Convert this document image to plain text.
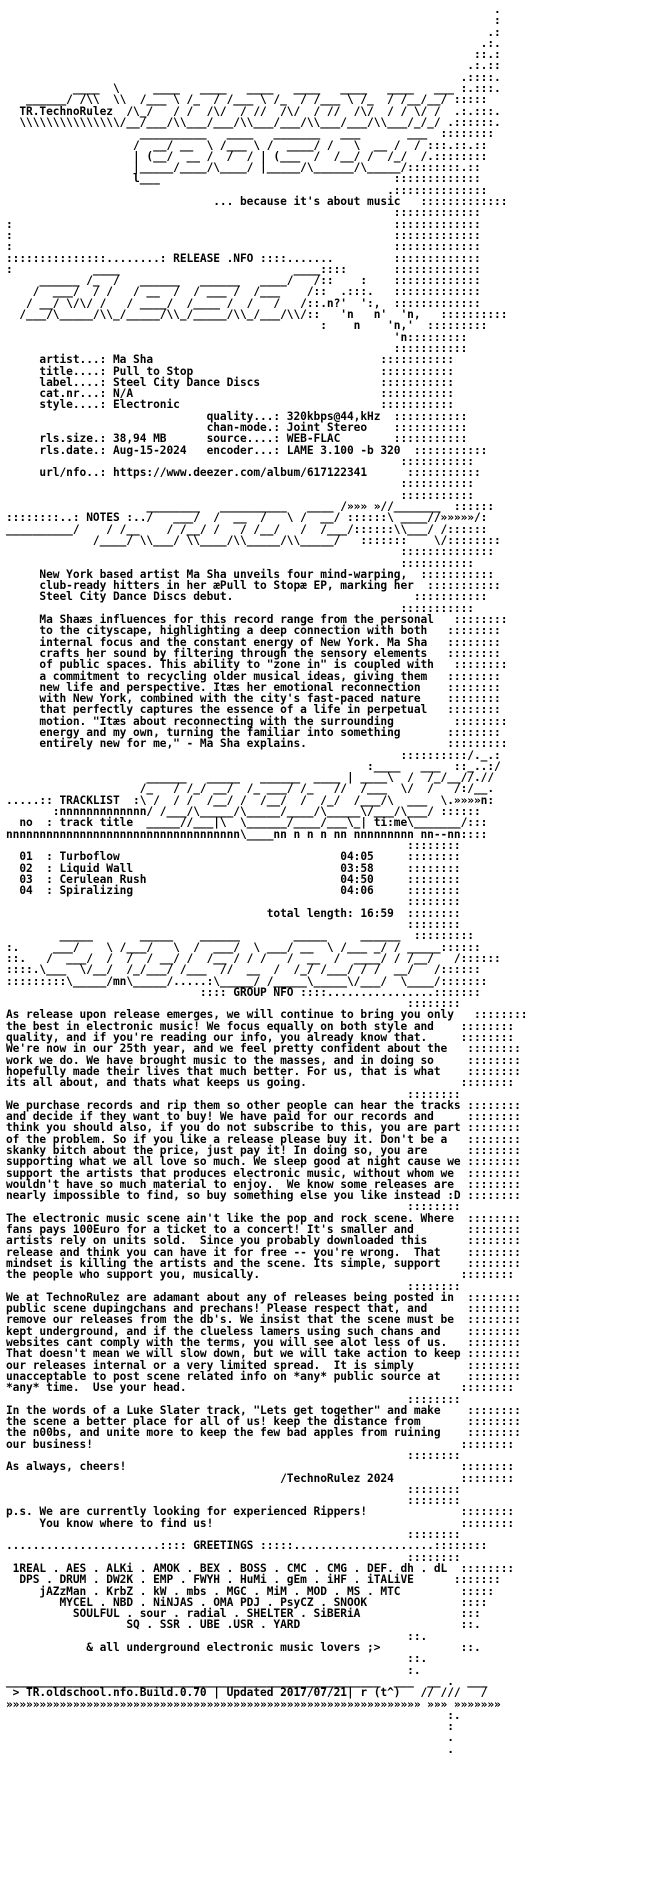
.
:
.:
.:.
::.:
.:.::
.::::.
____  \     ____   ____   ____   ____   ____   ____   ___ :.:::.
______/ /\\  \\  /___ \ /_  / /___ \ /_  / /___ \ /_  / /__/__/ :::::
TR.TechnoRulez  /\_/   / /  /\/  / //  /\/  / //  /\/  / / \/ /  .:.:::.
\\\\\\\\\\\\\\\/__/___/\\___/___/\\___/___/\\___/___/\\___/_/_/ .::::::.
__________   ____   _______   ___       ___  ::::::::
/  __/ __  \ /___ \ /  ____/ /   \  __ /  / :::.::.::
| (__/  __ /  /  / | (___  /  /__/ /  /_/  /.::::::::
|_____/____/\____/ |_____/\______/\_____/::::::::.::
l___                                   :::::::::::::
.::::::::::::::
... because it's about music   :::::::::::::
:::::::::::::
:                                                         :::::::::::::
:                                                         :::::::::::::
:                                                         :::::::::::::
:::::::::::::::........: RELEASE .NFO ::::.......         :::::::::::::
:            ____                          ____::::       :::::::::::::
______ /_  /   ______   ______   ____/   /::    :    :::::::::::::
/  ___/  / /   / __  /  / ___ /  /___    /::  .:::.   :::::::::::::
/ __/ \/\/ /   / ____/  /____ /  /   /   /::.n?'  ':,  :::::::::::::
/___/\_____/\\_/_____/\\_/_____/\\_/___/\\/::   'n   n'  'n,   ::::::::::
:    n    'n,'  :::::::::
'n:::::::::
:::::::::::
artist...: Ma Sha                                  :::::::::::
title....: Pull to Stop                            :::::::::::
label....: Steel City Dance Discs                  :::::::::::
cat.nr...: N/A                                     :::::::::::
style....: Electronic                              :::::::::::
quality...: 320kbps@44,kHz  :::::::::::
chan-mode.: Joint Stereo    :::::::::::
rls.size.: 38,94 MB      source....: WEB-FLAC        :::::::::::
rls.date.: Aug-15-2024   encoder...: LAME 3.100 -b 320  :::::::::::
:::::::::::
url/nfo..: https://www.deezer.com/album/617122341      :::::::::::
:::::::::::
:::::::::::
________   __________   ____ /»»» »//_______  ::::::
::::::::..: NOTES :../   ___/  /  __  /   \ /  __/ ::::::\ ____//»»»»»/:
__________/    / /__    / /__/ /   / /__/   /  /___/::::::\\___/ /::::::
/____/ \\___/ \\____/\\_____/\\_____/   :::::::    \/::::::::
::::::::::::::
:::::::::::
New York based artist Ma Sha unveils four mind-warping,  :::::::::::
club-ready hitters in her æPull to Stopæ EP, marking her  :::::::::::
Steel City Dance Discs debut.                           :::::::::::
:::::::::::
Ma Shaæs influences for this record range from the personal   ::::::::
to the cityscape, highlighting a deep connection with both   ::::::::
internal focus and the constant energy of New York. Ma Sha   ::::::::
crafts her sound by filtering through the sensory elements   ::::::::
of public spaces. This ability to "zone in" is coupled with   ::::::::
a commitment to recycling older musical ideas, giving them   ::::::::
new life and perspective. Itæs her emotional reconnection    ::::::::
with New York, combined with the city's fast-paced nature    ::::::::
that perfectly captures the essence of a life in perpetual   ::::::::
motion. "Itæs about reconnecting with the surrounding         ::::::::
energy and my own, turning the familiar into something       ::::::::
entirely new for me," - Ma Sha explains.                     :::::::::
::::::::::/._.:
:____   ___  ::_..:/
______   _____   ______  ____ | ____\  /  /_/__//.//
/_   / /_/ __/  /_ ___/ /_   //  /___  \/  /   /:/__.
.....:: TRACKLIST  :\ /  / /  /__/ /  /__/  /  /_/  /___/\  ___  \.»»»»n:
:nnnnnnnnnnnnn/ /___/\_____/\_____/____/\_____\/___/\___/ ::::::
no  : track title  _____//___|\  \______/____/___\_| ti:me\_______/:::
nnnnnnnnnnnnnnnnnnnnnnnnnnnnnnnnnnn\____nn n n n nn nnnnnnnnn nn--nn::::
::::::::
01  : Turboflow                                 04:05     ::::::::
02  : Liquid Wall                               03:58     ::::::::
03  : Cerulean Rush                             04:50     ::::::::
04  : Spiralizing                               04:06     ::::::::
::::::::
total length: 16:59  ::::::::
::::::::
_____       _____    ______        _____     ______  :::::::::
:.     ___/    \ /___/   \  /  ___/  \ ___/ __  \ /___ _/ / _____::::::
::.   /  ___/  /  /  / __/ /  /__ / / /   /  __  /  ____/ / /__/   /::::::
::::.\___  \/__/  /_/___/ /___  //  __  /  /_/ /___/ / /  __/   /::::::
:::::::::\_____/mn\_____/.....:\_____/ /_____\_____\/___/  \____/:::::::
:::: GROUP NFO ::::................:::::::
::::::::
As release upon release emerges, we will continue to bring you only   ::::::::
the best in electronic music! We focus equally on both style and    ::::::::
quality, and if you're reading our info, you already know that.     ::::::::
We're now in our 25th year, and we feel pretty confident about the   ::::::::
work we do. We have brought music to the masses, and in doing so     ::::::::
hopefully made their lives that much better. For us, that is what    ::::::::
its all about, and thats what keeps us going.                       ::::::::
::::::::
We purchase records and rip them so other people can hear the tracks ::::::::
and decide if they want to buy! We have paid for our records and     ::::::::
think you should also, if you do not subscribe to this, you are part ::::::::
of the problem. So if you like a release please buy it. Don't be a   ::::::::
skanky bitch about the price, just pay it! In doing so, you are      ::::::::
supporting what we all love so much. We sleep good at night cause we ::::::::
support the artists that produces electronic music, without whom we  ::::::::
wouldn't have so much material to enjoy.  We know some releases are  ::::::::
nearly impossible to find, so buy something else you like instead :D ::::::::
::::::::
The electronic music scene ain't like the pop and rock scene. Where  ::::::::
fans pays 100Euro for a ticket to a concert! It's smaller and        ::::::::
artists rely on units sold.  Since you probably downloaded this      ::::::::
release and think you can have it for free -- you're wrong.  That    ::::::::
mindset is killing the artists and the scene. Its simple, support    ::::::::
the people who support you, musically.                              ::::::::
::::::::
We at TechnoRulez are adamant about any of releases being posted in  ::::::::
public scene dupingchans and prechans! Please respect that, and      ::::::::
remove our releases from the db's. We insist that the scene must be  ::::::::
kept underground, and if the clueless lamers using such chans and    ::::::::
websites cant comply with the terms, you will see alot less of us.   ::::::::
That doesn't mean we will slow down, but we will take action to keep ::::::::
our releases internal or a very limited spread.  It is simply        ::::::::
unacceptable to post scene related info on *any* public source at    ::::::::
*any* time.  Use your head.                                         ::::::::
::::::::
In the words of a Luke Slater track, "Lets get together" and make    ::::::::
the scene a better place for all of us! keep the distance from       ::::::::
the n00bs, and unite more to keep the few bad apples from ruining    ::::::::
our business!                                                       ::::::::
::::::::
As always, cheers!                                                  ::::::::
/TechnoRulez 2024          ::::::::
::::::::
::::::::
p.s. We are currently looking for experienced Rippers!              ::::::::
You know where to find us!                                     ::::::::
::::::::
.......................:::: GREETINGS :::::.....................::::::::
::::::::
1REAL . AES . ALKi . AMOK . BEX . BOSS . CMC . CMG . DEF. dh . dL  ::::::::
DPS . DRUM . DW2K . EMP . FWYH . HuMi . gEm . iHF . iTALiVE      :::::::
jAZzMan . KrbZ . kW . mbs . MGC . MiM . MOD . MS . MTC         :::::
MYCEL . NBD . NiNJAS . OMA PDJ . PsyCZ . SNOOK              ::::
SOULFUL . sour . radial . SHELTER . SiBERiA               :::
SQ . SSR . UBE .USR . YARD                        ::.
::.
& all underground electronic music lovers ;>            ::.
::.
:.
________________________________________________________  ___  __ .  ___
> TR.oldschool.nfo.Build.0.70 | Updated 2017/07/21| r (t^)   // ///   /
»»»»»»»»»»»»»»»»»»»»»»»»»»»»»»»»»»»»»»»»»»»»»»»»»»»»»»»»»»»»»» »»» »»»»»»»
:.
:
.
.
